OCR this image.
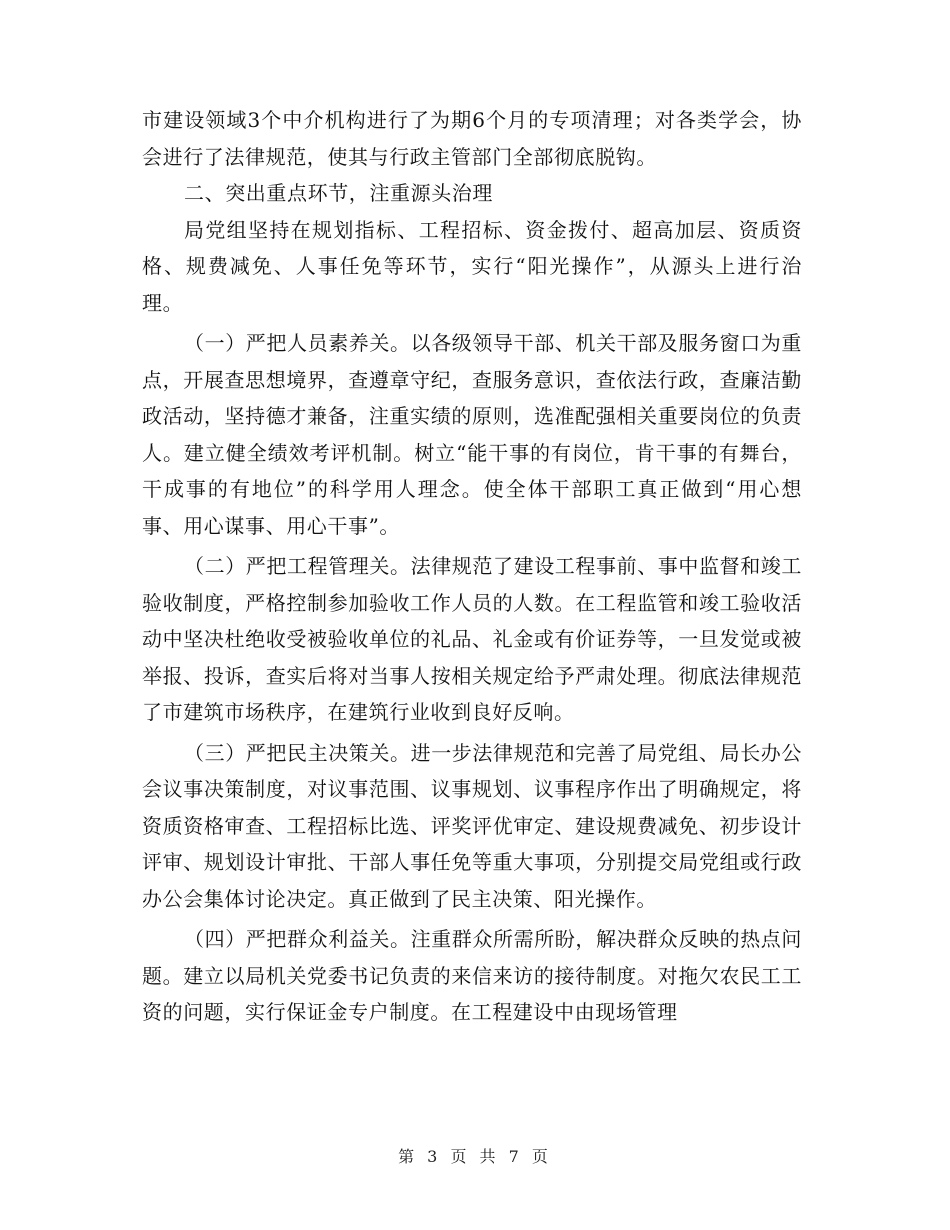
市建设领域3个中介机构进行了为期6个月的专项清理；对各类学会，协会进行了法律规范，使其与行政主管部门全部彻底脱钩。

二、突出重点环节，注重源头治理

局党组坚持在规划指标、工程招标、资金拨付、超高加层、资质资格、规费减免、人事任免等环节，实行“阳光操作”，从源头上进行治理。

（一）严把人员素养关。以各级领导干部、机关干部及服务窗口为重点，开展查思想境界，查遵章守纪，查服务意识，查依法行政，查廉洁勤政活动，坚持德才兼备，注重实绩的原则，选准配强相关重要岗位的负责人。建立健全绩效考评机制。树立“能干事的有岗位，肯干事的有舞台，干成事的有地位”的科学用人理念。使全体干部职工真正做到“用心想事、用心谋事、用心干事”。

（二）严把工程管理关。法律规范了建设工程事前、事中监督和竣工验收制度，严格控制参加验收工作人员的人数。在工程监管和竣工验收活动中坚决杜绝收受被验收单位的礼品、礼金或有价证券等，一旦发觉或被举报、投诉，查实后将对当事人按相关规定给予严肃处理。彻底法律规范了市建筑市场秩序，在建筑行业收到良好反响。

（三）严把民主决策关。进一步法律规范和完善了局党组、局长办公会议事决策制度，对议事范围、议事规划、议事程序作出了明确规定，将资质资格审查、工程招标比选、评奖评优审定、建设规费减免、初步设计评审、规划设计审批、干部人事任免等重大事项，分别提交局党组或行政办公会集体讨论决定。真正做到了民主决策、阳光操作。

（四）严把群众利益关。注重群众所需所盼，解决群众反映的热点问题。建立以局机关党委书记负责的来信来访的接待制度。对拖欠农民工工资的问题，实行保证金专户制度。在工程建设中由现场管理

第 3 页 共 7 页
